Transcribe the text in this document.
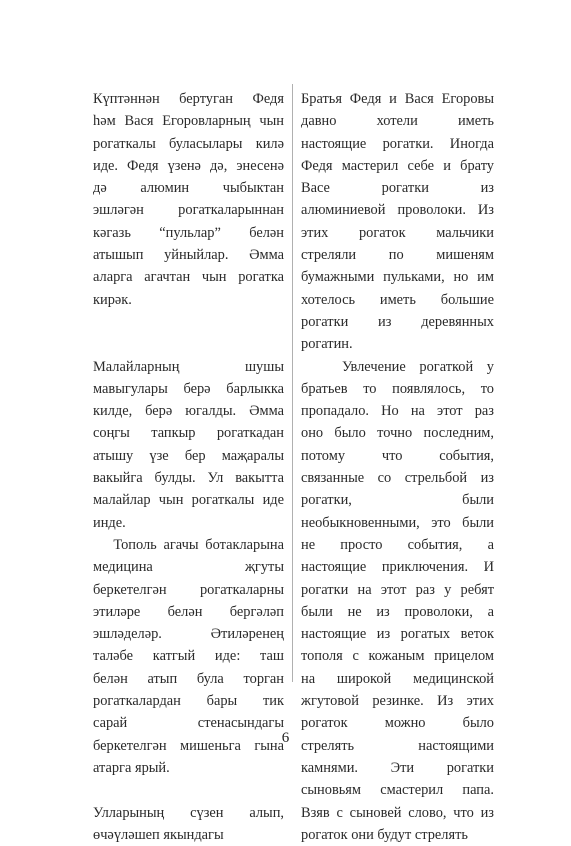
Күптәннән бертуган Федя
һәм Вася Егоровларның чын
рогаткалы буласылары килә
иде. Федя үзенә дә, энесенә
дә алюмин чыбыктан
эшләгән рогаткаларыннан
кәгазь “пульлар” белән
атышып уйныйлар. Әмма
аларга агачтан чын рогатка
кирәк.
Малайларның шушы
мавыгулары берә барлыкка
килде, берә югалды. Әмма
соңгы тапкыр рогаткадан
атышу үзе бер маҗаралы
вакыйга булды. Ул вакытта
малайлар чын рогаткалы иде
инде.
Тополь агачы ботакларына
медицина җгуты
беркетелгән рогаткаларны
этиләре белән бергәләп
эшләделәр. Әтиләренең
таләбе катгый иде: таш
белән атып була торган
рогаткалардан бары тик
сарай стенасындагы
беркетелгән мишеньга гына
атарга ярый.
Улларының сүзен алып,
өчәүләшеп якындагы
Братья Федя и Вася Егоровы
давно хотели иметь
настоящие рогатки. Иногда
Федя мастерил себе и брату
Васе рогатки из
алюминиевой проволоки. Из
этих рогаток мальчики
стреляли по мишеням
бумажными пульками, но им
хотелось иметь большие
рогатки из деревянных
рогатин.
Увлечение рогаткой у
братьев то появлялось, то
пропадало. Но на этот раз
оно было точно последним,
потому что события,
связанные со стрельбой из
рогатки, были
необыкновенными, это были
не просто события, а
настоящие приключения. И
рогатки на этот раз у ребят
были не из проволоки, а
настоящие из рогатых веток
тополя с кожаным прицелом
на широкой медицинской
жгутовой резинке. Из этих
рогаток можно было
стрелять настоящими
камнями. Эти рогатки
сыновьям смастерил папа.
Взяв с сыновей слово, что из
рогаток они будут стрелять
6
